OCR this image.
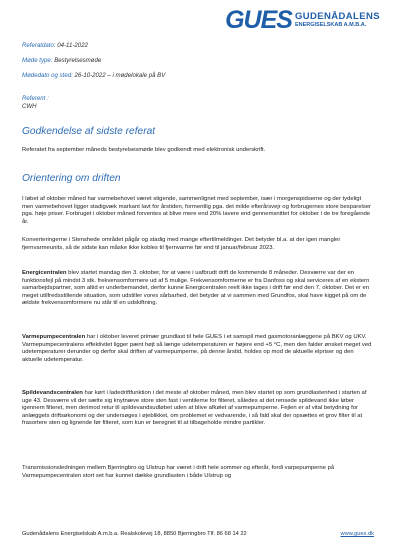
GUES GUDENÅDALENS
ENERGISELSKAB A.M.B.A.
Referatdato: 04-11-2022
Møde type: Bestyrelsesmøde
Mødedato og sted: 26-10-2022 – i mødelokale på BV
Referent :
CWH
Godkendelse af sidste referat

Referatet fra september måneds bestyrelsesmøde blev godkendt med elektronisk underskrift.

Orientering om driften

I løbet af oktober måned har varmebehovet været stigende, sammenlignet med september, især i morgenspidserne og der tydeligt men varmebehovet ligger stadigvæk markant lavt for årstiden, formentlig pga. det milde efterårsvejr og forbrugernes store besparelser pga. høje priser. Forbruget i oktober måned forventes at blive mere end 20% lavere end gennemsnittet for oktober i de tre foregående år.

Konverteringerne i Stenshede området pågår og stadig med mange eftertilmeldinger. Det betyder bl.a. at der igen mangler fjernvarmeunits, så de sidste kan måske ikke kobles til fjernvarme før end til januar/februar 2023.

Energicentralen blev startet mandag den 3. oktober, for at være i uafbrudt drift de kommende 8 måneder. Desværre var der en funktionsfejl på mindst 3 stk. frekvensomformere ud af 5 mulige. Frekvensomformerne er fra Danfoss og skal serviceres af en ekstern samarbejdspartner, som altid er underbemandet, derfor kunne Energicentralen reelt ikke tages i drift før end den 7. oktober. Det er en meget utilfredsstillende situation, som udstiller vores sårbarhed, det betyder at vi sammen med Grundfos, skal have kigget på om de ældste frekvensomformere nu står til en udskiftning.

Varmepumpecentralen har i oktober leveret primær grundlast til hele GUES i et samspil med gasmotoranlæggene på BKV og UKV. Varmepumpecentralens effektivitet ligger pænt højt så længe udetemperaturen er højere end +5 °C, men den falder ønsket meget ved udetemperaturer derunder og derfor skal driften af varmepumperne, på denne årstid, holdes op mod de aktuelle elpriser og den aktuelle udetemperatur.

Spildevandscentralen har kørt i ladedriftfunktion i det meste af oktober måned, men blev startet op som grundlastenhed i starten af uge 43. Desværre vil der sætte sig knytnæve store sten fast i ventilerne for filteret, således at det rensede spildevand ikke løber igennem filteret, men derimod retur til spildevandsudløbet uden at blive afkølet af varmepumperne. Fejlen er af vital betydning for anlæggets driftsøkonomi og der undersøges i øjeblikket, om problemet er vedvarende, i så fald skal der opsættes et grov filter til at frasortere sten og lignende før filteret, som kun er beregnet til at tilbageholde mindre partikler.

Transmissionsledningen mellem Bjerringbro og Ulstrup har været i drift hele sommer og efterår, fordi varpepumperne på Varmepumpecentralen stort set har kunnet dække grundlasten i både Ulstrup og

Gudenådalens Energiselskab A.m.b.a. Realskolevej 18, 8850 Bjerringbro Tlf. 86 68 14 22	www.gues.dk
